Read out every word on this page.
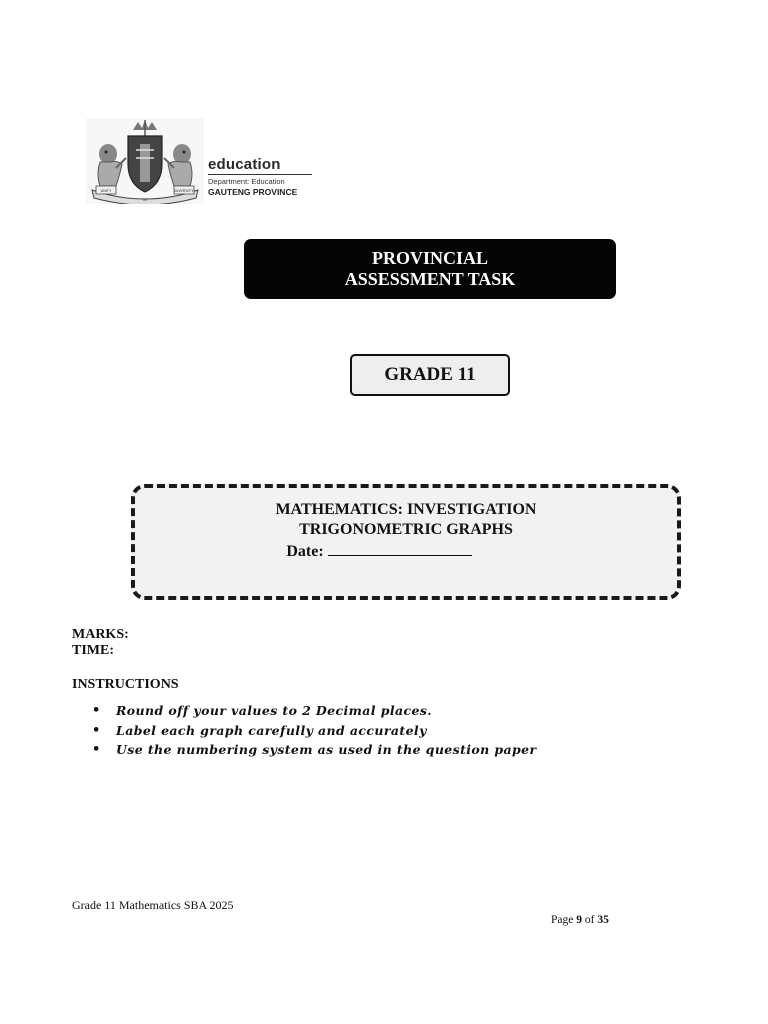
UNITY
IN
DIVERSITY
education
Department: Education
GAUTENG PROVINCE
PROVINCIAL
ASSESSMENT TASK
GRADE 11
MATHEMATICS: INVESTIGATION
TRIGONOMETRIC GRAPHS
Date:
MARKS:
TIME:
INSTRUCTIONS
• Round off your values to 2 Decimal places.
• Label each graph carefully and accurately
• Use the numbering system as used in the question paper
Grade 11 Mathematics SBA 2025
Page 9 of 35
